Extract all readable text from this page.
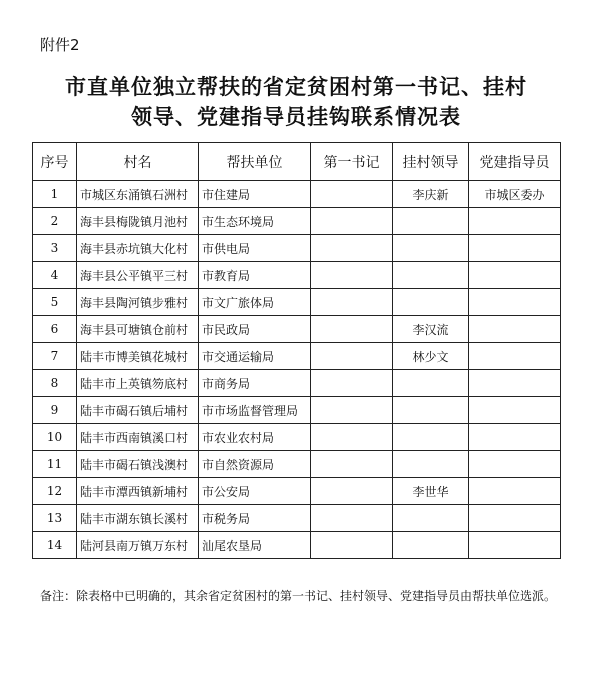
附件2
市直单位独立帮扶的省定贫困村第一书记、挂村
领导、党建指导员挂钩联系情况表
序号	村名	帮扶单位	第一书记	挂村领导	党建指导员
1	市城区东涌镇石洲村	市住建局		李庆新	市城区委办
2	海丰县梅陇镇月池村	市生态环境局			
3	海丰县赤坑镇大化村	市供电局			
4	海丰县公平镇平三村	市教育局			
5	海丰县陶河镇步雅村	市文广旅体局			
6	海丰县可塘镇仓前村	市民政局		李汉流	
7	陆丰市博美镇花城村	市交通运输局		林少文	
8	陆丰市上英镇笏底村	市商务局			
9	陆丰市碣石镇后埔村	市市场监督管理局			
10	陆丰市西南镇溪口村	市农业农村局			
11	陆丰市碣石镇浅澳村	市自然资源局			
12	陆丰市潭西镇新埔村	市公安局		李世华	
13	陆丰市湖东镇长溪村	市税务局			
14	陆河县南万镇万东村	汕尾农垦局			
备注：除表格中已明确的，其余省定贫困村的第一书记、挂村领导、党建指导员由帮扶单位选派。
